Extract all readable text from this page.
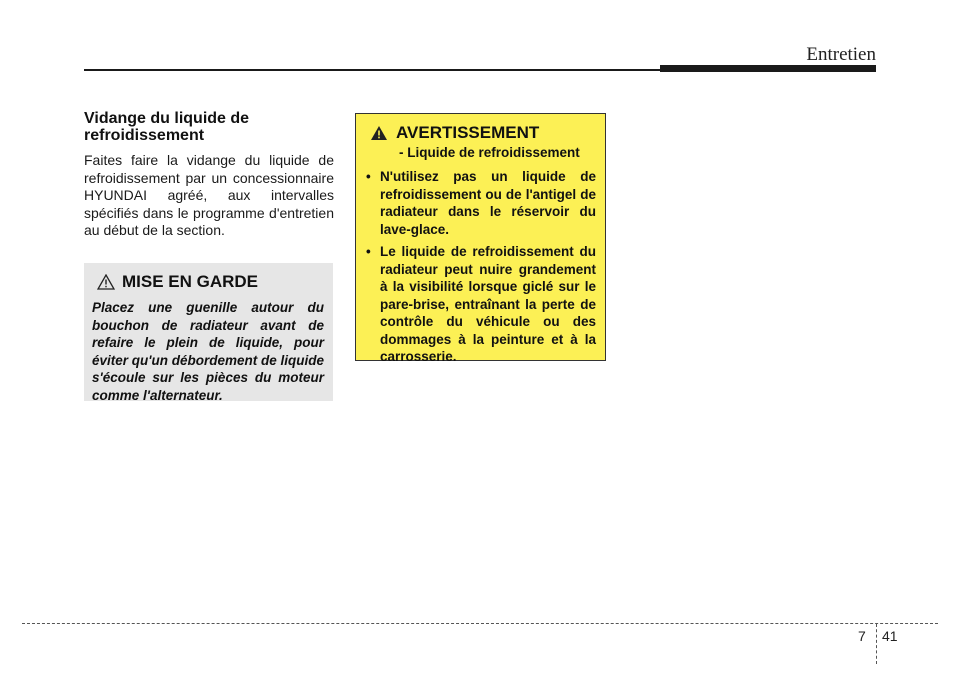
Entretien
Vidange du liquide de refroidissement
Faites faire la vidange du liquide de refroidissement par un concessionnaire HYUNDAI agréé, aux intervalles spécifiés dans le programme d'entretien au début de la section.
MISE EN GARDE
Placez une guenille autour du bouchon de radiateur avant de refaire le plein de liquide, pour éviter qu'un débordement de liquide s'écoule sur les pièces du moteur comme l'alternateur.
AVERTISSEMENT
- Liquide de refroidissement
• N'utilisez pas un liquide de refroidissement ou de l'antigel de radiateur dans le réservoir du lave-glace.
• Le liquide de refroidissement du radiateur peut nuire grandement à la visibilité lorsque giclé sur le pare-brise, entraînant la perte de contrôle du véhicule ou des dommages à la peinture et à la carrosserie.
7 41
